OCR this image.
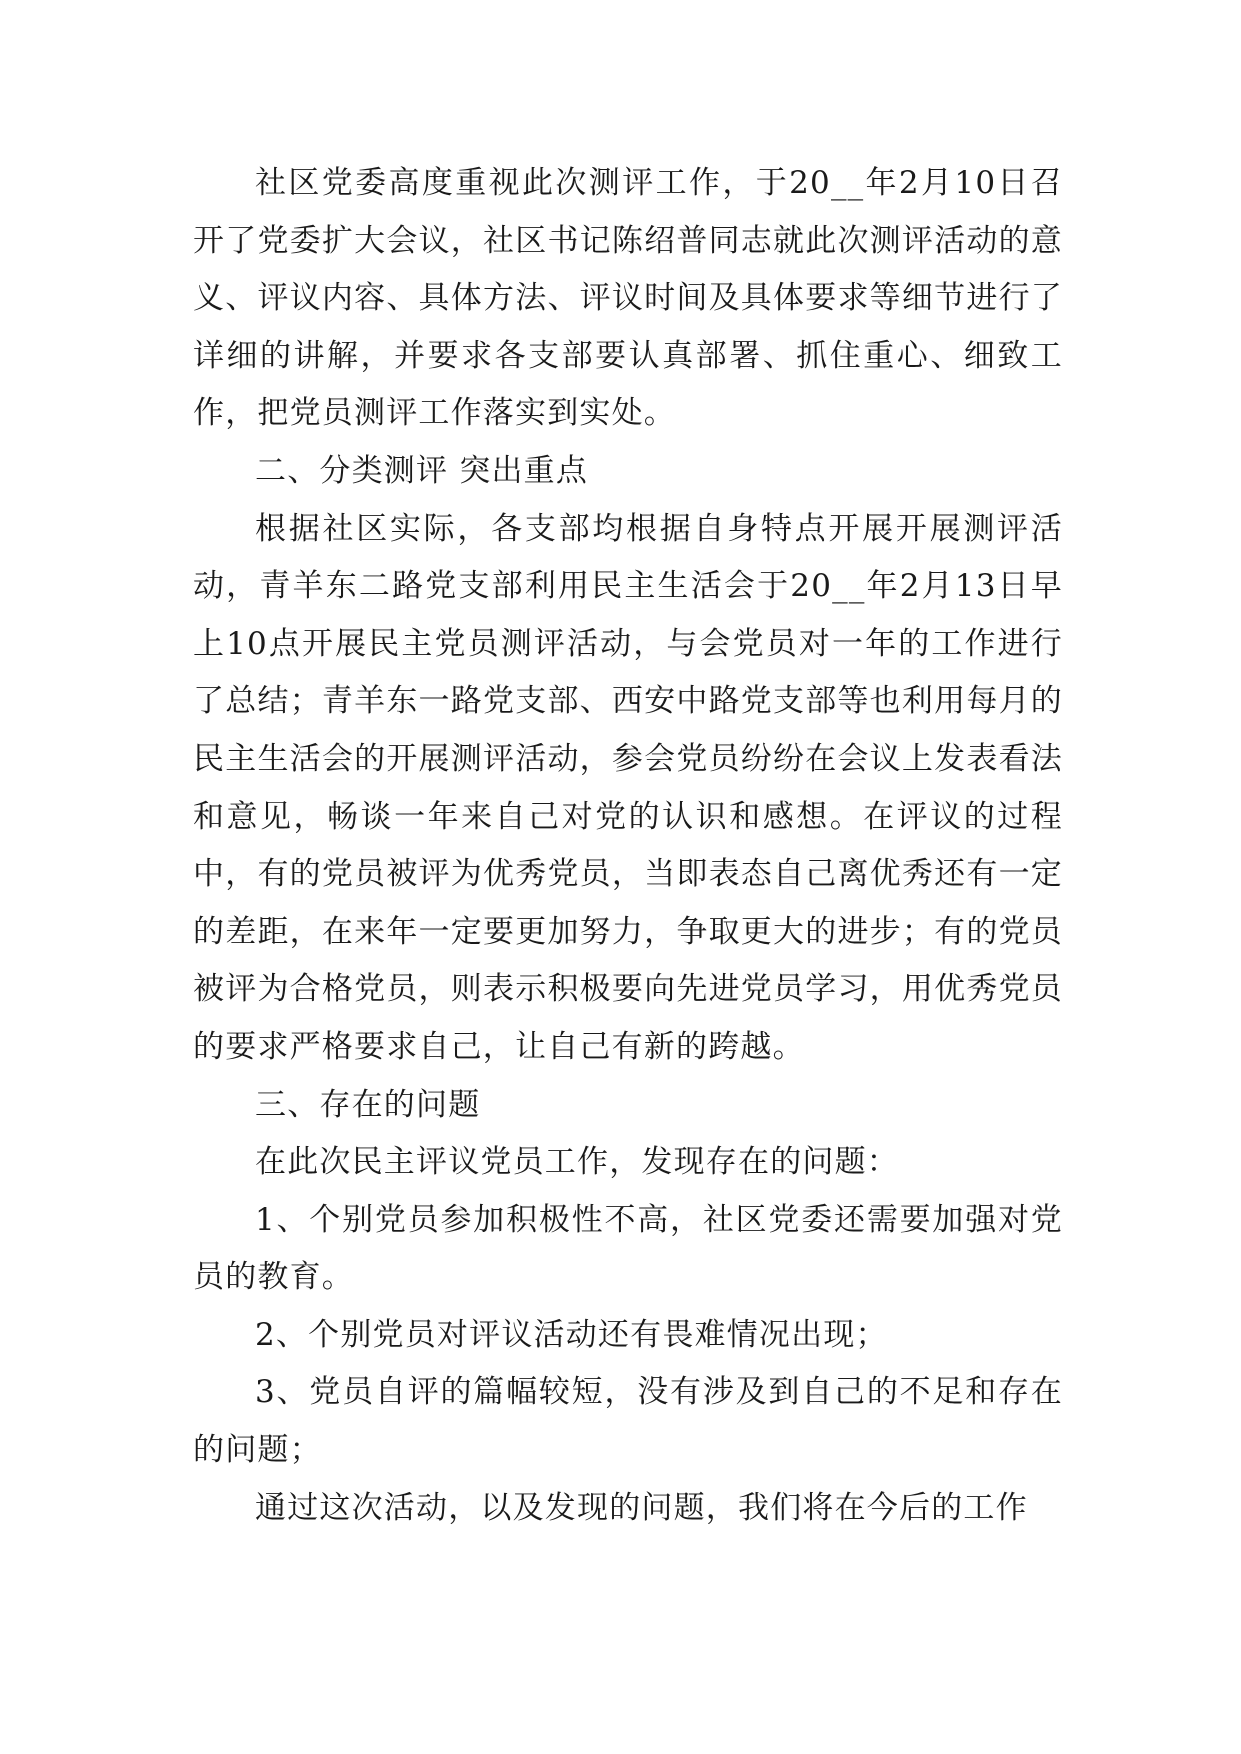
社区党委高度重视此次测评工作，于20__年2月10日召开了党委扩大会议，社区书记陈绍普同志就此次测评活动的意义、评议内容、具体方法、评议时间及具体要求等细节进行了详细的讲解，并要求各支部要认真部署、抓住重心、细致工作，把党员测评工作落实到实处。

二、分类测评 突出重点

根据社区实际，各支部均根据自身特点开展开展测评活动，青羊东二路党支部利用民主生活会于20__年2月13日早上10点开展民主党员测评活动，与会党员对一年的工作进行了总结；青羊东一路党支部、西安中路党支部等也利用每月的民主生活会的开展测评活动，参会党员纷纷在会议上发表看法和意见，畅谈一年来自己对党的认识和感想。在评议的过程中，有的党员被评为优秀党员，当即表态自己离优秀还有一定的差距，在来年一定要更加努力，争取更大的进步；有的党员被评为合格党员，则表示积极要向先进党员学习，用优秀党员的要求严格要求自己，让自己有新的跨越。

三、存在的问题

在此次民主评议党员工作，发现存在的问题：

1、个别党员参加积极性不高，社区党委还需要加强对党员的教育。

2、个别党员对评议活动还有畏难情况出现；

3、党员自评的篇幅较短，没有涉及到自己的不足和存在的问题；

通过这次活动，以及发现的问题，我们将在今后的工作
